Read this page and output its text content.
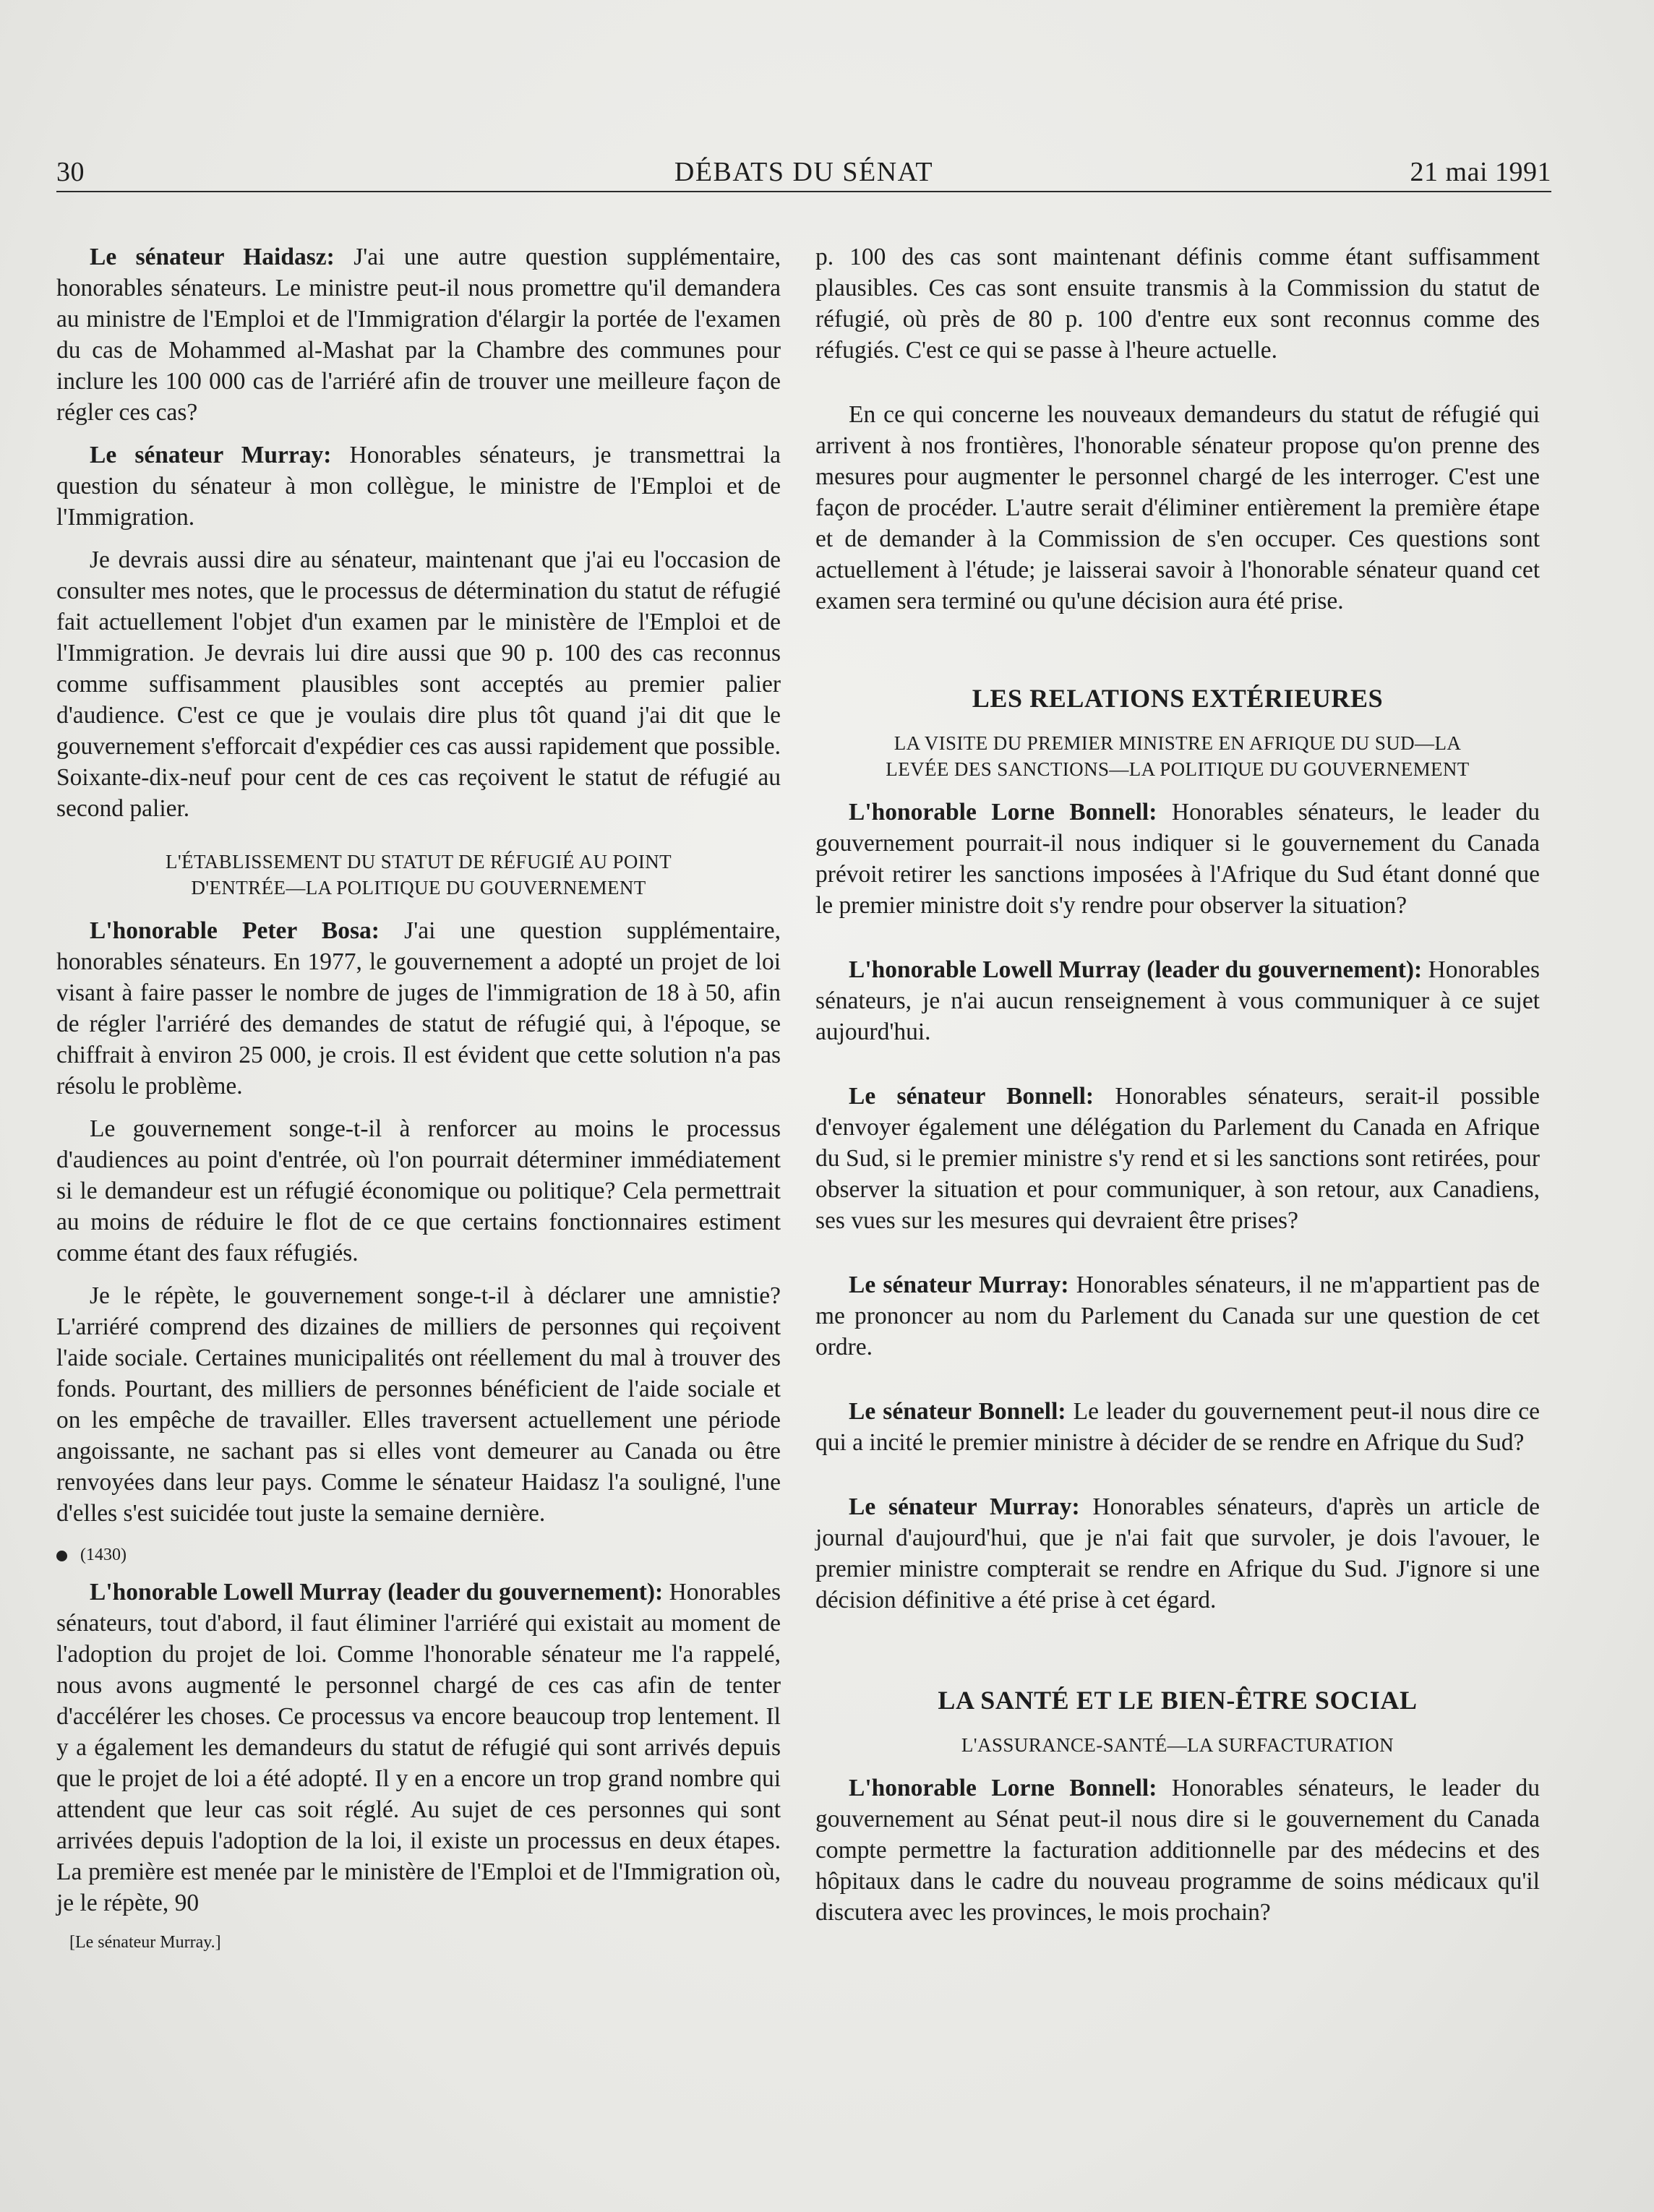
30	DÉBATS DU SÉNAT	21 mai 1991

Le sénateur Haidasz: J'ai une autre question supplémentaire, honorables sénateurs. Le ministre peut-il nous promettre qu'il demandera au ministre de l'Emploi et de l'Immigration d'élargir la portée de l'examen du cas de Mohammed al-Mashat par la Chambre des communes pour inclure les 100 000 cas de l'arriéré afin de trouver une meilleure façon de régler ces cas?

Le sénateur Murray: Honorables sénateurs, je transmettrai la question du sénateur à mon collègue, le ministre de l'Emploi et de l'Immigration.

Je devrais aussi dire au sénateur, maintenant que j'ai eu l'occasion de consulter mes notes, que le processus de détermination du statut de réfugié fait actuellement l'objet d'un examen par le ministère de l'Emploi et de l'Immigration. Je devrais lui dire aussi que 90 p. 100 des cas reconnus comme suffisamment plausibles sont acceptés au premier palier d'audience. C'est ce que je voulais dire plus tôt quand j'ai dit que le gouvernement s'efforcait d'expédier ces cas aussi rapidement que possible. Soixante-dix-neuf pour cent de ces cas reçoivent le statut de réfugié au second palier.

L'ÉTABLISSEMENT DU STATUT DE RÉFUGIÉ AU POINT
D'ENTRÉE—LA POLITIQUE DU GOUVERNEMENT

L'honorable Peter Bosa: J'ai une question supplémentaire, honorables sénateurs. En 1977, le gouvernement a adopté un projet de loi visant à faire passer le nombre de juges de l'immigration de 18 à 50, afin de régler l'arriéré des demandes de statut de réfugié qui, à l'époque, se chiffrait à environ 25 000, je crois. Il est évident que cette solution n'a pas résolu le problème.

Le gouvernement songe-t-il à renforcer au moins le processus d'audiences au point d'entrée, où l'on pourrait déterminer immédiatement si le demandeur est un réfugié économique ou politique? Cela permettrait au moins de réduire le flot de ce que certains fonctionnaires estiment comme étant des faux réfugiés.

Je le répète, le gouvernement songe-t-il à déclarer une amnistie? L'arriéré comprend des dizaines de milliers de personnes qui reçoivent l'aide sociale. Certaines municipalités ont réellement du mal à trouver des fonds. Pourtant, des milliers de personnes bénéficient de l'aide sociale et on les empêche de travailler. Elles traversent actuellement une période angoissante, ne sachant pas si elles vont demeurer au Canada ou être renvoyées dans leur pays. Comme le sénateur Haidasz l'a souligné, l'une d'elles s'est suicidée tout juste la semaine dernière.

(1430)

L'honorable Lowell Murray (leader du gouvernement): Honorables sénateurs, tout d'abord, il faut éliminer l'arriéré qui existait au moment de l'adoption du projet de loi. Comme l'honorable sénateur me l'a rappelé, nous avons augmenté le personnel chargé de ces cas afin de tenter d'accélérer les choses. Ce processus va encore beaucoup trop lentement. Il y a également les demandeurs du statut de réfugié qui sont arrivés depuis que le projet de loi a été adopté. Il y en a encore un trop grand nombre qui attendent que leur cas soit réglé. Au sujet de ces personnes qui sont arrivées depuis l'adoption de la loi, il existe un processus en deux étapes. La première est menée par le ministère de l'Emploi et de l'Immigration où, je le répète, 90

[Le sénateur Murray.]

p. 100 des cas sont maintenant définis comme étant suffisamment plausibles. Ces cas sont ensuite transmis à la Commission du statut de réfugié, où près de 80 p. 100 d'entre eux sont reconnus comme des réfugiés. C'est ce qui se passe à l'heure actuelle.

En ce qui concerne les nouveaux demandeurs du statut de réfugié qui arrivent à nos frontières, l'honorable sénateur propose qu'on prenne des mesures pour augmenter le personnel chargé de les interroger. C'est une façon de procéder. L'autre serait d'éliminer entièrement la première étape et de demander à la Commission de s'en occuper. Ces questions sont actuellement à l'étude; je laisserai savoir à l'honorable sénateur quand cet examen sera terminé ou qu'une décision aura été prise.

LES RELATIONS EXTÉRIEURES
LA VISITE DU PREMIER MINISTRE EN AFRIQUE DU SUD—LA
LEVÉE DES SANCTIONS—LA POLITIQUE DU GOUVERNEMENT

L'honorable Lorne Bonnell: Honorables sénateurs, le leader du gouvernement pourrait-il nous indiquer si le gouvernement du Canada prévoit retirer les sanctions imposées à l'Afrique du Sud étant donné que le premier ministre doit s'y rendre pour observer la situation?

L'honorable Lowell Murray (leader du gouvernement): Honorables sénateurs, je n'ai aucun renseignement à vous communiquer à ce sujet aujourd'hui.

Le sénateur Bonnell: Honorables sénateurs, serait-il possible d'envoyer également une délégation du Parlement du Canada en Afrique du Sud, si le premier ministre s'y rend et si les sanctions sont retirées, pour observer la situation et pour communiquer, à son retour, aux Canadiens, ses vues sur les mesures qui devraient être prises?

Le sénateur Murray: Honorables sénateurs, il ne m'appartient pas de me prononcer au nom du Parlement du Canada sur une question de cet ordre.

Le sénateur Bonnell: Le leader du gouvernement peut-il nous dire ce qui a incité le premier ministre à décider de se rendre en Afrique du Sud?

Le sénateur Murray: Honorables sénateurs, d'après un article de journal d'aujourd'hui, que je n'ai fait que survoler, je dois l'avouer, le premier ministre compterait se rendre en Afrique du Sud. J'ignore si une décision définitive a été prise à cet égard.

LA SANTÉ ET LE BIEN-ÊTRE SOCIAL
L'ASSURANCE-SANTÉ—LA SURFACTURATION

L'honorable Lorne Bonnell: Honorables sénateurs, le leader du gouvernement au Sénat peut-il nous dire si le gouvernement du Canada compte permettre la facturation additionnelle par des médecins et des hôpitaux dans le cadre du nouveau programme de soins médicaux qu'il discutera avec les provinces, le mois prochain?
